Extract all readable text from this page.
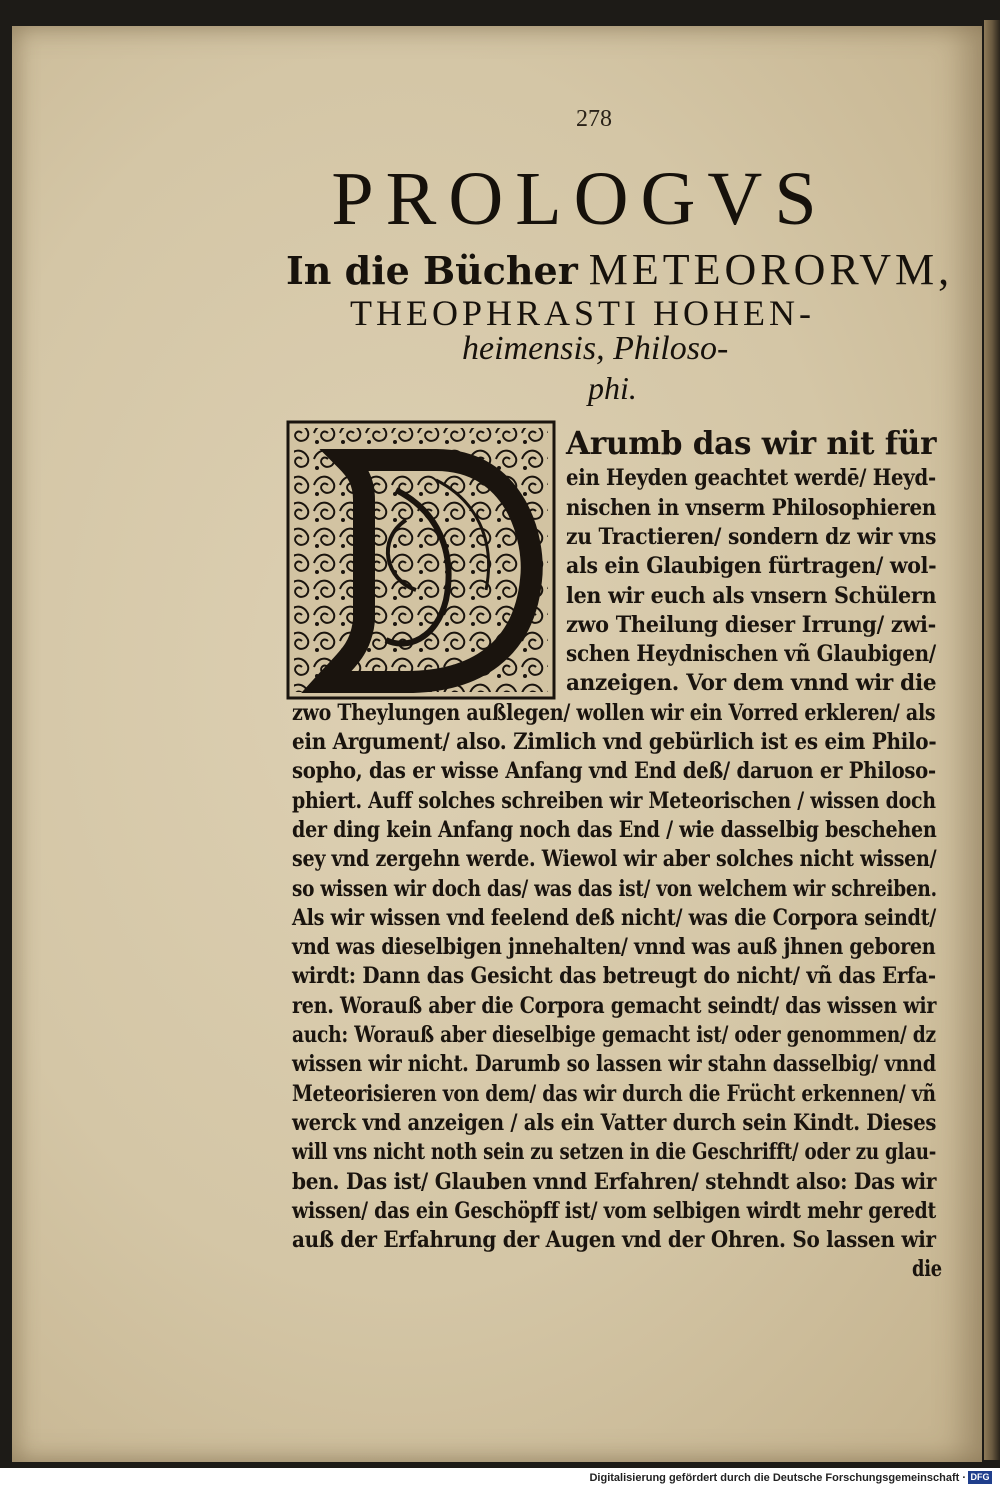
278
PROLOGVS
In die Bücher METEORORVM,
THEOPHRASTI HOHEN-
heimensis, Philoso-
phi.
Arumb das wir nit für
ein Heyden geachtet werdē/ Heyd-
nischen in vnserm Philosophieren
zu Tractieren/ sondern dz wir vns
als ein Glaubigen fürtragen/ wol-
len wir euch als vnsern Schülern
zwo Theilung dieser Irrung/ zwi-
schen Heydnischen vñ Glaubigen/
anzeigen. Vor dem vnnd wir die
zwo Theylungen außlegen/ wollen wir ein Vorred erkleren/ als
ein Argument/ also. Zimlich vnd gebürlich ist es eim Philo-
sopho, das er wisse Anfang vnd End deß/ daruon er Philoso-
phiert. Auff solches schreiben wir Meteorischen / wissen doch
der ding kein Anfang noch das End / wie dasselbig beschehen
sey vnd zergehn werde. Wiewol wir aber solches nicht wissen/
so wissen wir doch das/ was das ist/ von welchem wir schreiben.
Als wir wissen vnd feelend deß nicht/ was die Corpora seindt/
vnd was dieselbigen jnnehalten/ vnnd was auß jhnen geboren
wirdt: Dann das Gesicht das betreugt do nicht/ vñ das Erfa-
ren. Worauß aber die Corpora gemacht seindt/ das wissen wir
auch: Worauß aber dieselbige gemacht ist/ oder genommen/ dz
wissen wir nicht. Darumb so lassen wir stahn dasselbig/ vnnd
Meteorisieren von dem/ das wir durch die Frücht erkennen/ vñ
werck vnd anzeigen / als ein Vatter durch sein Kindt. Dieses
will vns nicht noth sein zu setzen in die Geschrifft/ oder zu glau-
ben. Das ist/ Glauben vnnd Erfahren/ stehndt also: Das wir
wissen/ das ein Geschöpff ist/ vom selbigen wirdt mehr geredt
auß der Erfahrung der Augen vnd der Ohren. So lassen wir
die
Digitalisierung gefördert durch die Deutsche Forschungsgemeinschaft · DFG
